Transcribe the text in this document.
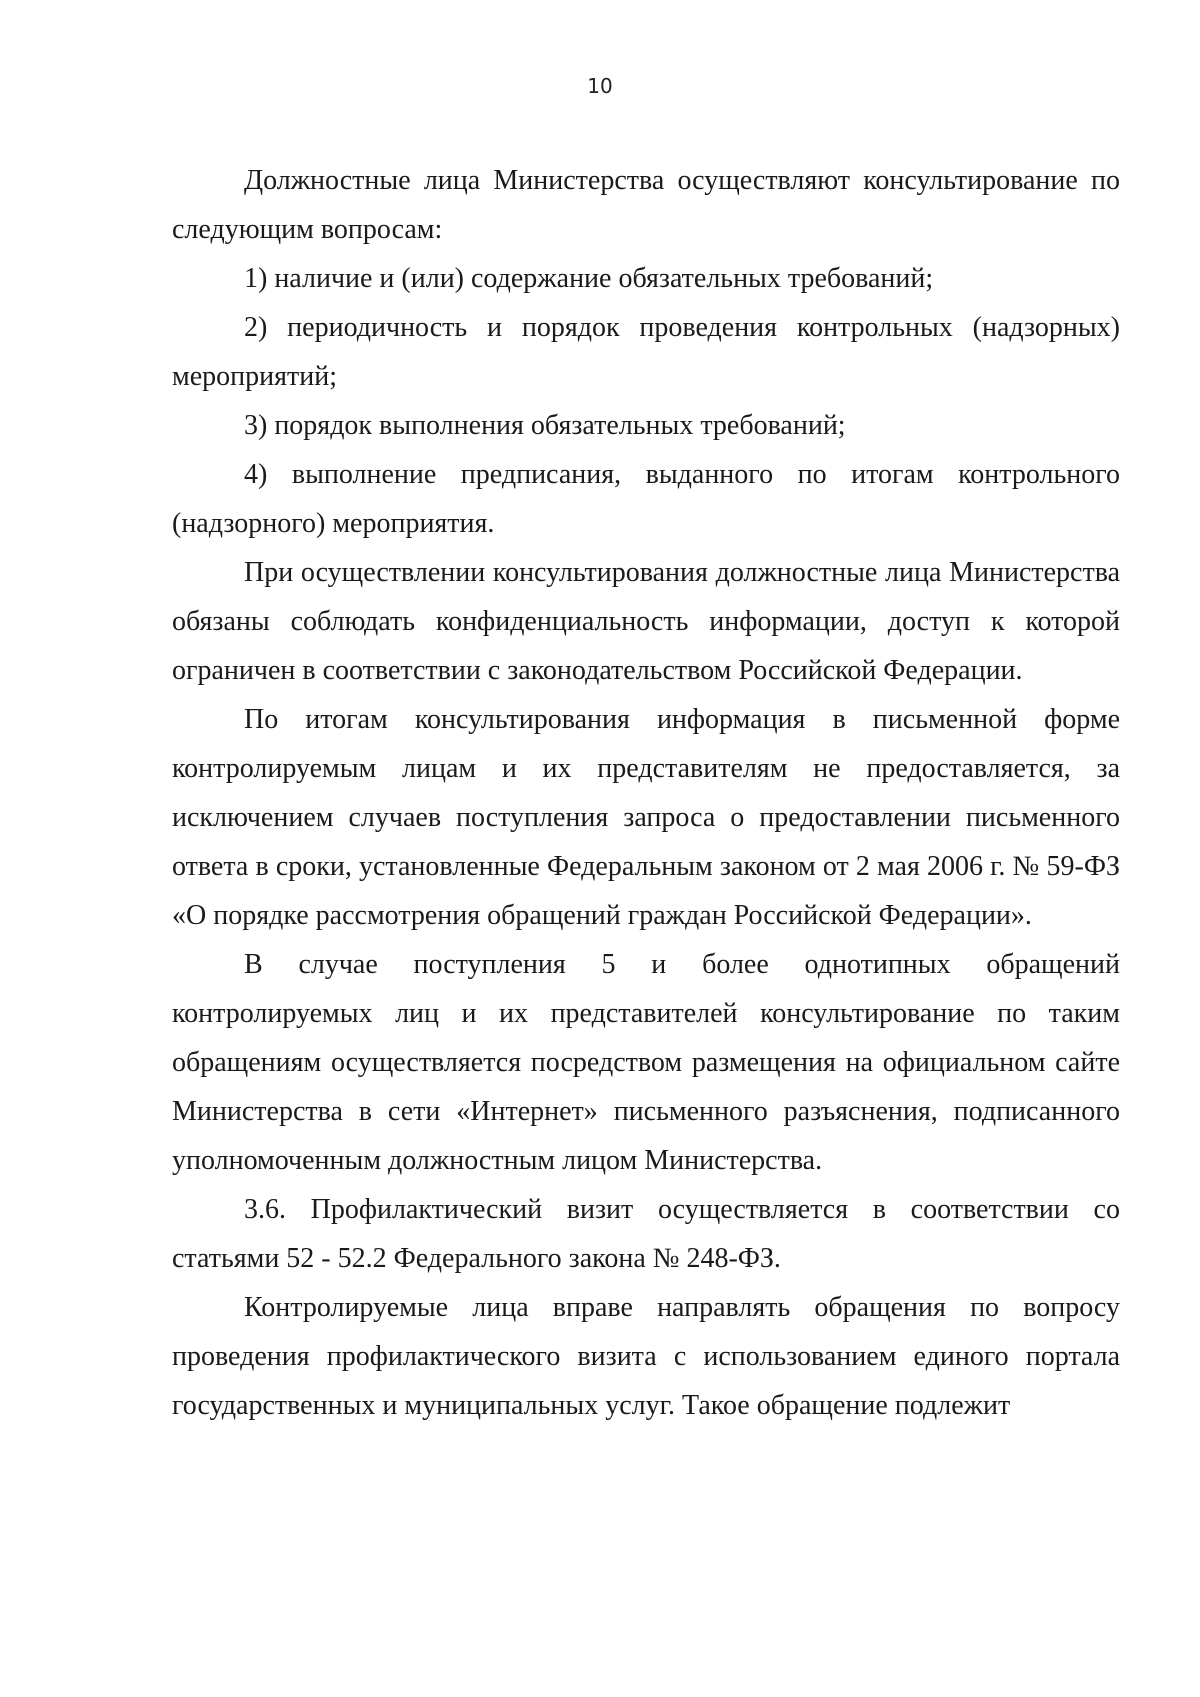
10

Должностные лица Министерства осуществляют консультирование по следующим вопросам:

1) наличие и (или) содержание обязательных требований;

2) периодичность и порядок проведения контрольных (надзорных) мероприятий;

3) порядок выполнения обязательных требований;

4) выполнение предписания, выданного по итогам контрольного (надзорного) мероприятия.

При осуществлении консультирования должностные лица Министерства обязаны соблюдать конфиденциальность информации, доступ к которой ограничен в соответствии с законодательством Российской Федерации.

По итогам консультирования информация в письменной форме контролируемым лицам и их представителям не предоставляется, за исключением случаев поступления запроса о предоставлении письменного ответа в сроки, установленные Федеральным законом от 2 мая 2006 г. № 59-ФЗ «О порядке рассмотрения обращений граждан Российской Федерации».

В случае поступления 5 и более однотипных обращений контролируемых лиц и их представителей консультирование по таким обращениям осуществляется посредством размещения на официальном сайте Министерства в сети «Интернет» письменного разъяснения, подписанного уполномоченным должностным лицом Министерства.

3.6. Профилактический визит осуществляется в соответствии со статьями 52 - 52.2 Федерального закона № 248-ФЗ.

Контролируемые лица вправе направлять обращения по вопросу проведения профилактического визита с использованием единого портала государственных и муниципальных услуг. Такое обращение подлежит
